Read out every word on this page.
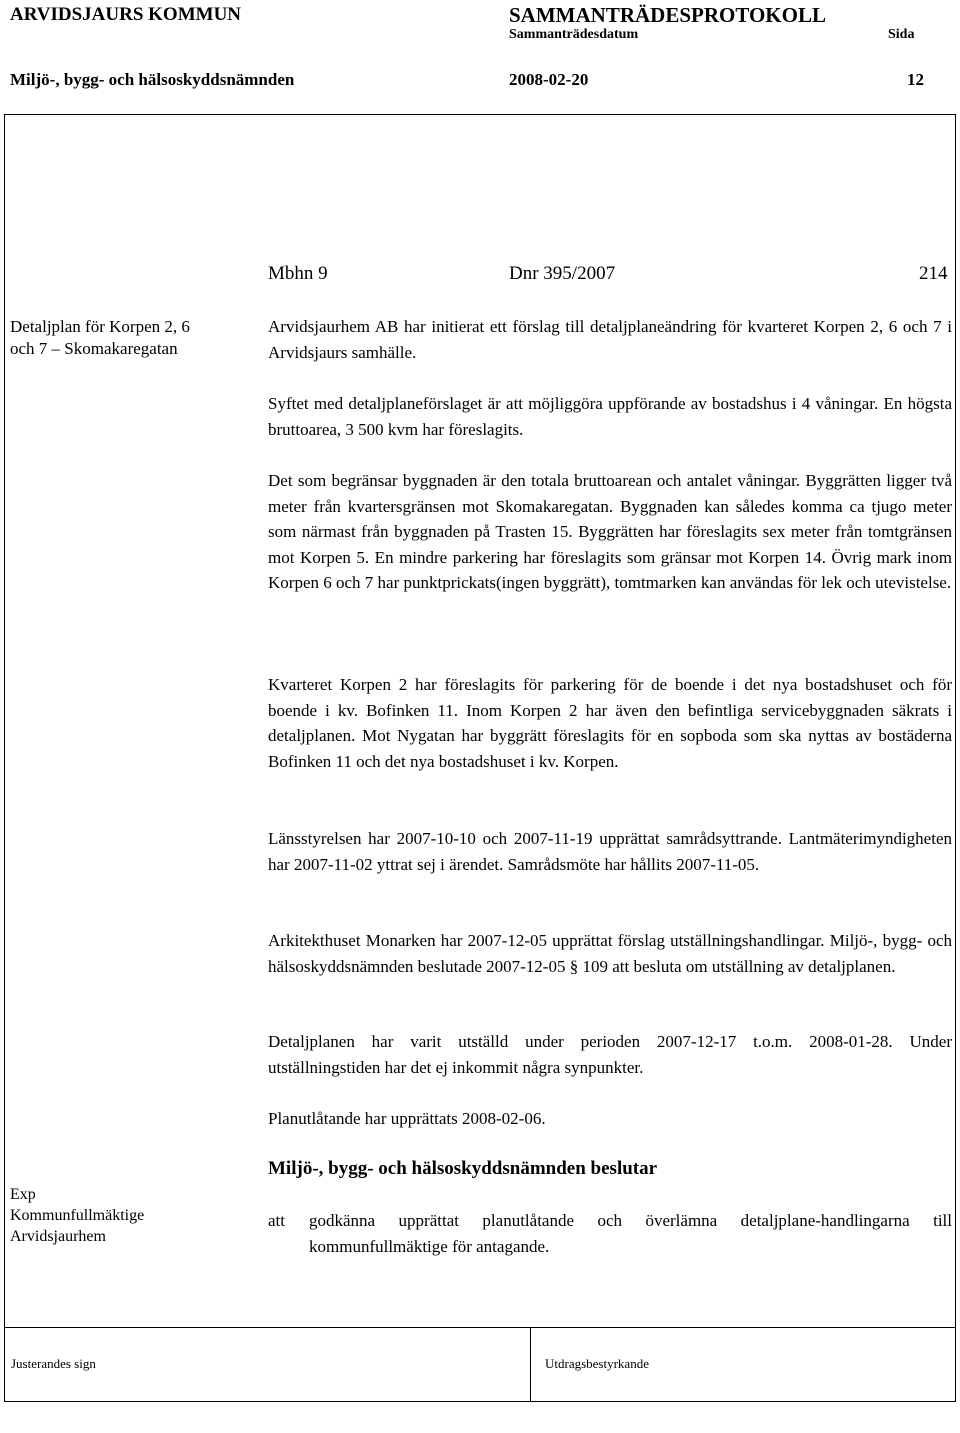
ARVIDSJAURS KOMMUN	SAMMANTRÄDESPROTOKOLL
Sammanträdesdatum	Sida
Miljö-, bygg- och hälsoskyddsnämnden	2008-02-20	12
Mbhn 9	Dnr 395/2007	214
Detaljplan för Korpen 2, 6
och 7 – Skomakaregatan

Arvidsjaurhem AB har initierat ett förslag till detaljplaneändring för kvarteret Korpen 2, 6 och 7 i Arvidsjaurs samhälle.

Syftet med detaljplaneförslaget är att möjliggöra uppförande av bostadshus i 4 våningar. En högsta bruttoarea, 3 500 kvm har föreslagits.

Det som begränsar byggnaden är den totala bruttoarean och antalet våningar. Byggrätten ligger två meter från kvartersgränsen mot Skomakaregatan. Byggnaden kan således komma ca tjugo meter som närmast från byggnaden på Trasten 15. Byggrätten har föreslagits sex meter från tomtgränsen mot Korpen 5. En mindre parkering har föreslagits som gränsar mot Korpen 14. Övrig mark inom Korpen 6 och 7 har punktprickats(ingen byggrätt), tomtmarken kan användas för lek och utevistelse.

Kvarteret Korpen 2 har föreslagits för parkering för de boende i det nya bostadshuset och för boende i kv. Bofinken 11. Inom Korpen 2 har även den befintliga servicebyggnaden säkrats i detaljplanen. Mot Nygatan har byggrätt föreslagits för en sopboda som ska nyttas av bostäderna Bofinken 11 och det nya bostadshuset i kv. Korpen.

Länsstyrelsen har 2007-10-10 och 2007-11-19 upprättat samrådsyttrande. Lantmäterimyndigheten har 2007-11-02 yttrat sej i ärendet. Samrådsmöte har hållits 2007-11-05.

Arkitekthuset Monarken har 2007-12-05 upprättat förslag utställningshandlingar. Miljö-, bygg- och hälsoskyddsnämnden beslutade 2007-12-05 § 109 att besluta om utställning av detaljplanen.

Detaljplanen har varit utställd under perioden 2007-12-17 t.o.m. 2008-01-28. Under utställningstiden har det ej inkommit några synpunkter.

Planutlåtande har upprättats 2008-02-06.

Miljö-, bygg- och hälsoskyddsnämnden beslutar
att godkänna upprättat planutlåtande och överlämna detaljplane-handlingarna till kommunfullmäktige för antagande.
Exp
Kommunfullmäktige
Arvidsjaurhem
Justerandes sign	Utdragsbestyrkande
